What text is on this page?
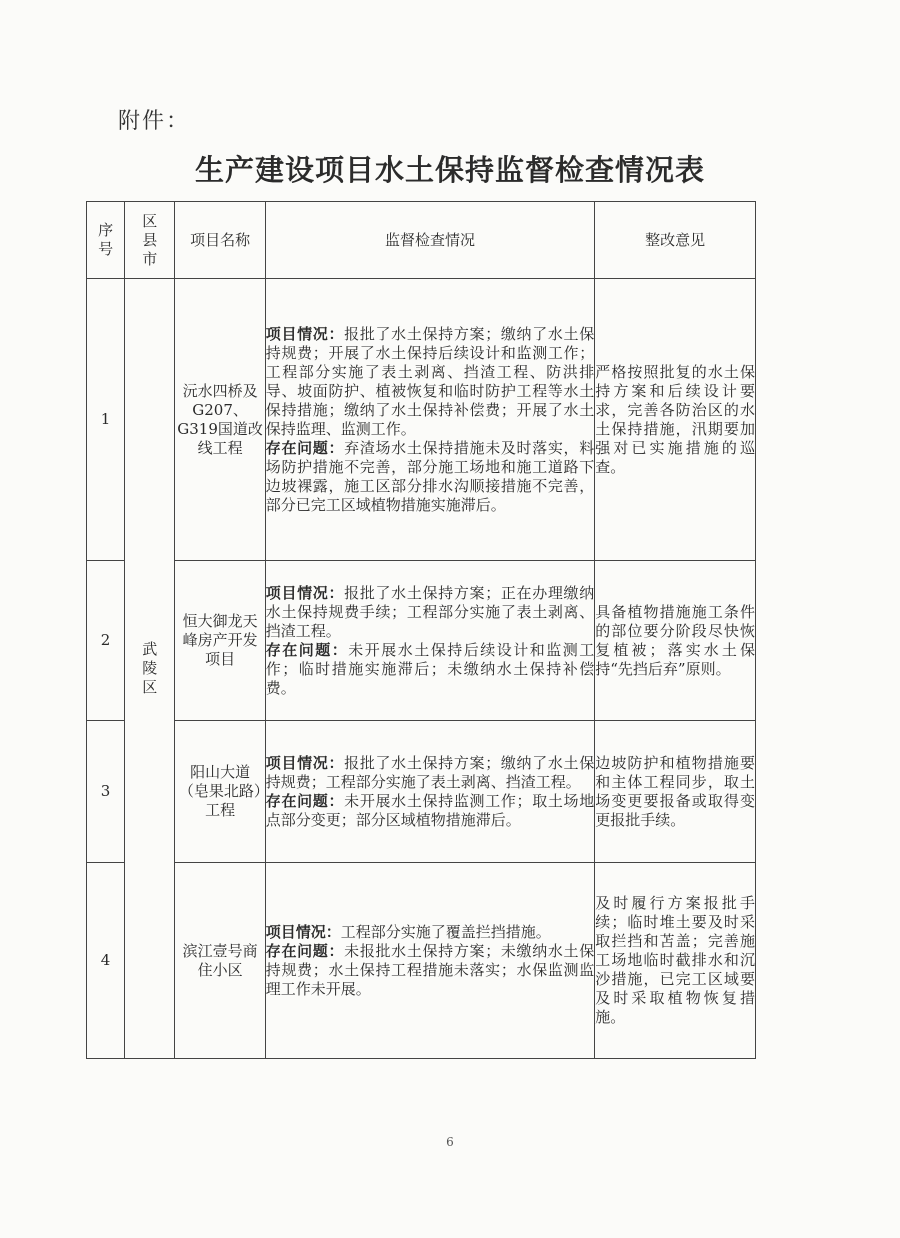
附件：
生产建设项目水土保持监督检查情况表
序
号	区
县
市	项目名称	监督检查情况	整改意见
1	武
陵
区	沅水四桥及G207、G319国道改线工程	项目情况：报批了水土保持方案；缴纳了水土保持规费；开展了水土保持后续设计和监测工作；工程部分实施了表土剥离、挡渣工程、防洪排导、坡面防护、植被恢复和临时防护工程等水土保持措施；缴纳了水土保持补偿费；开展了水土保持监理、监测工作。
存在问题：弃渣场水土保持措施未及时落实，料场防护措施不完善，部分施工场地和施工道路下边坡裸露，施工区部分排水沟顺接措施不完善，部分已完工区域植物措施实施滞后。	严格按照批复的水土保持方案和后续设计要求，完善各防治区的水土保持措施，汛期要加强对已实施措施的巡查。
2		恒大御龙天峰房产开发项目	项目情况：报批了水土保持方案；正在办理缴纳水土保持规费手续；工程部分实施了表土剥离、挡渣工程。
存在问题：未开展水土保持后续设计和监测工作；临时措施实施滞后；未缴纳水土保持补偿费。	具备植物措施施工条件的部位要分阶段尽快恢复植被；落实水土保持“先挡后弃”原则。
3		阳山大道（皂果北路）工程	项目情况：报批了水土保持方案；缴纳了水土保持规费；工程部分实施了表土剥离、挡渣工程。
存在问题：未开展水土保持监测工作；取土场地点部分变更；部分区域植物措施滞后。	边坡防护和植物措施要和主体工程同步，取土场变更要报备或取得变更报批手续。
4		滨江壹号商住小区	项目情况：工程部分实施了覆盖拦挡措施。
存在问题：未报批水土保持方案；未缴纳水土保持规费；水土保持工程措施未落实；水保监测监理工作未开展。	及时履行方案报批手续；临时堆土要及时采取拦挡和苫盖；完善施工场地临时截排水和沉沙措施，已完工区域要及时采取植物恢复措施。
6
